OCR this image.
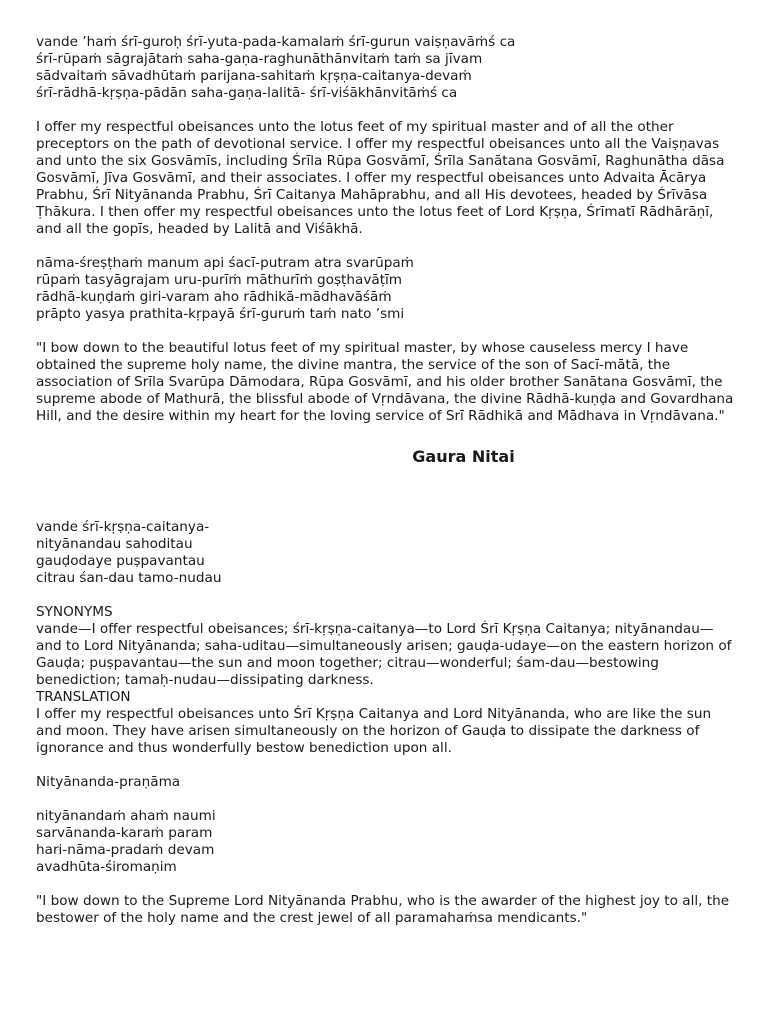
vande ’haṁ śrī-guroḥ śrī-yuta-pada-kamalaṁ śrī-gurun vaiṣṇavāṁś ca
śrī-rūpaṁ sāgrajātaṁ saha-gaṇa-raghunāthānvitaṁ taṁ sa jīvam
sādvaitaṁ sāvadhūtaṁ parijana-sahitaṁ kṛṣṇa-caitanya-devaṁ
śrī-rādhā-kṛṣṇa-pādān saha-gaṇa-lalitā- śrī-viśākhānvitāṁś ca

I offer my respectful obeisances unto the lotus feet of my spiritual master and of all the other preceptors on the path of devotional service. I offer my respectful obeisances unto all the Vaiṣṇavas and unto the six Gosvāmīs, including Śrīla Rūpa Gosvāmī, Śrīla Sanātana Gosvāmī, Raghunātha dāsa Gosvāmī, Jīva Gosvāmī, and their associates. I offer my respectful obeisances unto Advaita Ācārya Prabhu, Śrī Nityānanda Prabhu, Śrī Caitanya Mahāprabhu, and all His devotees, headed by Śrīvāsa Ṭhākura. I then offer my respectful obeisances unto the lotus feet of Lord Kṛṣṇa, Śrīmatī Rādhārāṇī, and all the gopīs, headed by Lalitā and Viśākhā.

nāma-śreṣṭhaṁ manum api śacī-putram atra svarūpaṁ
rūpaṁ tasyāgrajam uru-purīṁ māthurīṁ goṣṭhavāṭīm
rādhā-kuṇḍaṁ giri-varam aho rādhikā-mādhavāśāṁ
prāpto yasya prathita-kṛpayā śrī-guruṁ taṁ nato ’smi

"I bow down to the beautiful lotus feet of my spiritual master, by whose causeless mercy I have obtained the supreme holy name, the divine mantra, the service of the son of Sacī-mātā, the association of Srīla Svarūpa Dāmodara, Rūpa Gosvāmī, and his older brother Sanātana Gosvāmī, the supreme abode of Mathurā, the blissful abode of Vṛndāvana, the divine Rādhā-kuṇḍa and Govardhana Hill, and the desire within my heart for the loving service of Srī Rādhikā and Mādhava in Vṛndāvana."

Gaura Nitai
vande śrī-kṛṣṇa-caitanya-
nityānandau sahoditau
gauḍodaye puṣpavantau
citrau śan-dau tamo-nudau
SYNONYMS

vande—I offer respectful obeisances; śrī-kṛṣṇa-caitanya—to Lord Śrī Kṛṣṇa Caitanya; nityānandau—and to Lord Nityānanda; saha-uditau—simultaneously arisen; gauḍa-udaye—on the eastern horizon of Gauḍa; puṣpavantau—the sun and moon together; citrau—wonderful; śam-dau—bestowing benediction; tamaḥ-nudau—dissipating darkness.

TRANSLATION

I offer my respectful obeisances unto Śrī Kṛṣṇa Caitanya and Lord Nityānanda, who are like the sun and moon. They have arisen simultaneously on the horizon of Gauḍa to dissipate the darkness of ignorance and thus wonderfully bestow benediction upon all.

Nityānanda-praṇāma
nityānandaṁ ahaṁ naumi
sarvānanda-karaṁ param
hari-nāma-pradaṁ devam
avadhūta-śiromaṇim

"I bow down to the Supreme Lord Nityānanda Prabhu, who is the awarder of the highest joy to all, the bestower of the holy name and the crest jewel of all paramahaṁsa mendicants."
